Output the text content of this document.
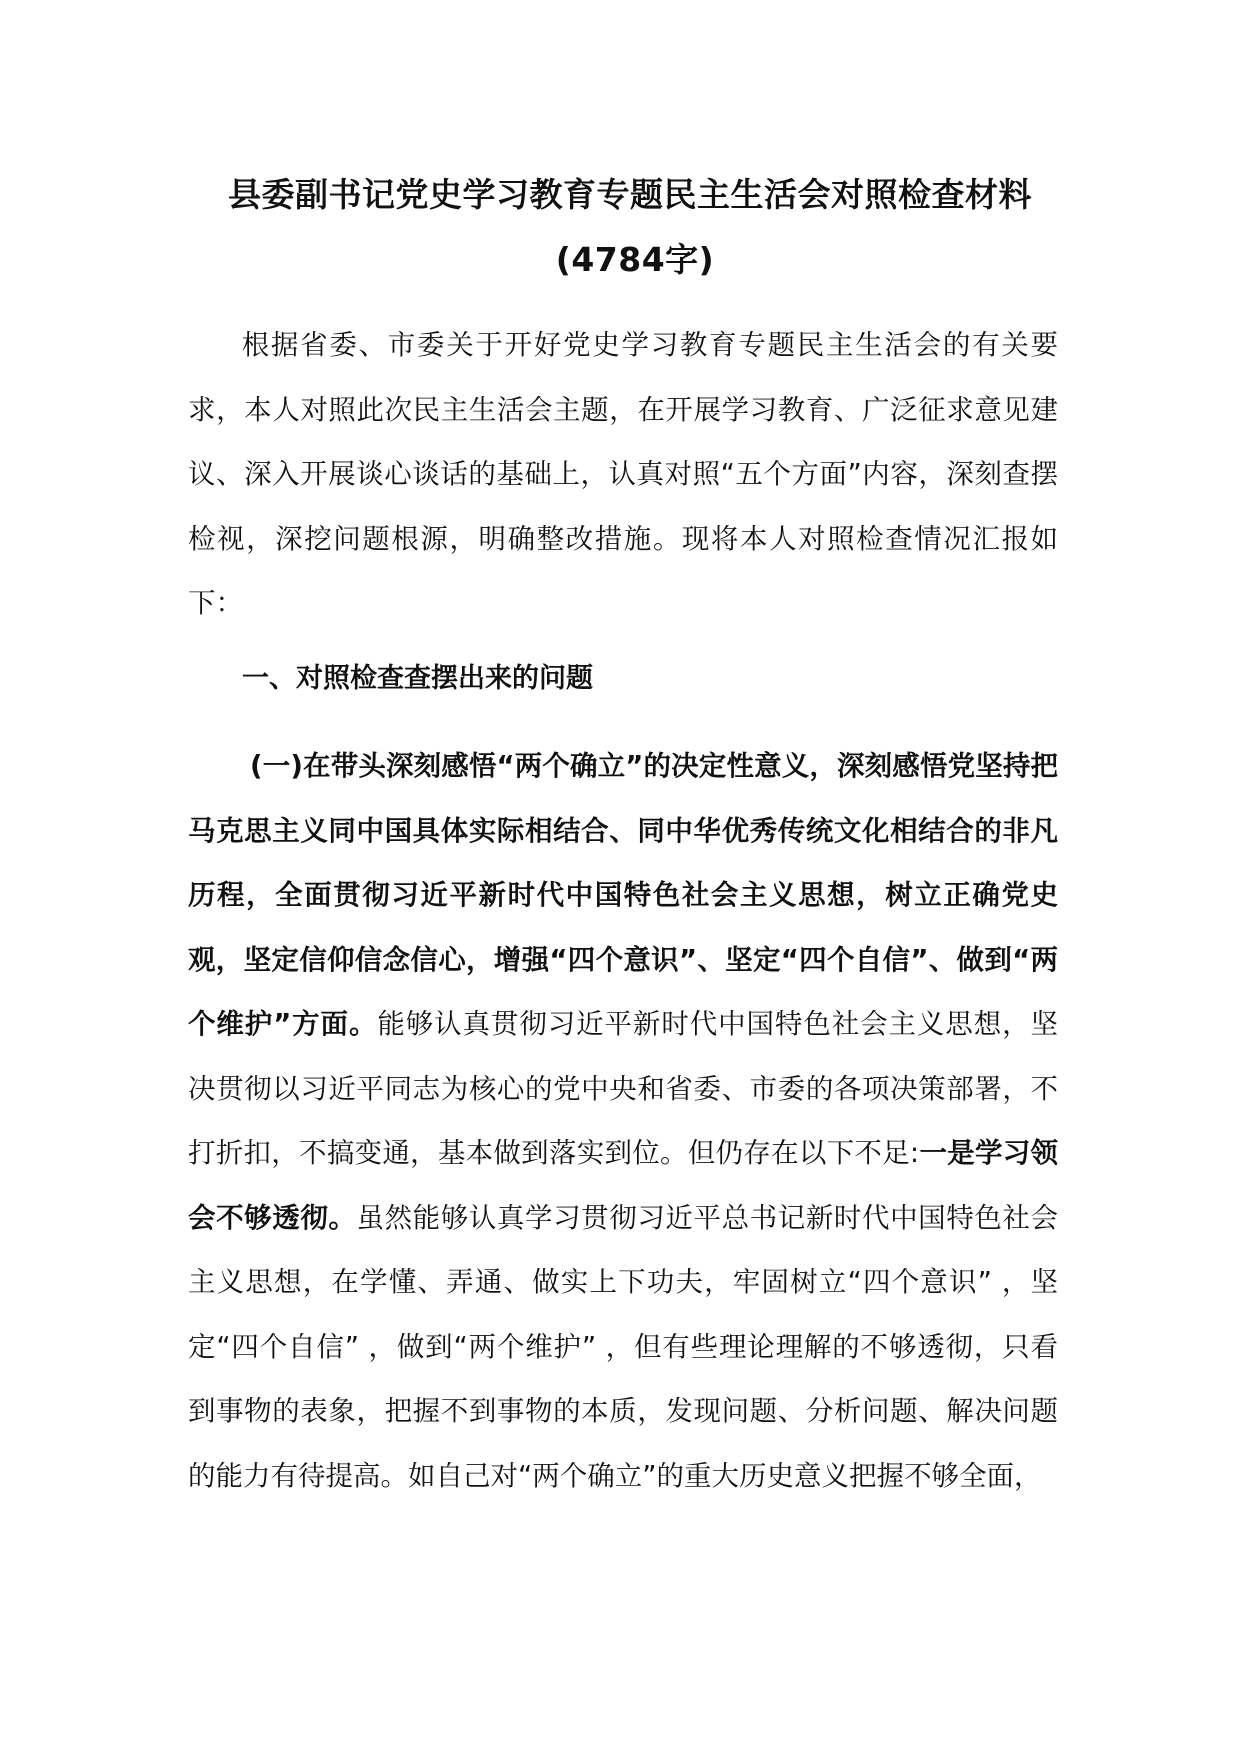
县委副书记党史学习教育专题民主生活会对照检查材料
(4784字)

根据省委、市委关于开好党史学习教育专题民主生活会的有关要求，本人对照此次民主生活会主题，在开展学习教育、广泛征求意见建议、深入开展谈心谈话的基础上，认真对照“五个方面”内容，深刻查摆检视，深挖问题根源，明确整改措施。现将本人对照检查情况汇报如下：

一、对照检查查摆出来的问题

(一)在带头深刻感悟“两个确立”的决定性意义，深刻感悟党坚持把马克思主义同中国具体实际相结合、同中华优秀传统文化相结合的非凡历程，全面贯彻习近平新时代中国特色社会主义思想，树立正确党史观，坚定信仰信念信心，增强“四个意识”、坚定“四个自信”、做到“两个维护”方面。能够认真贯彻习近平新时代中国特色社会主义思想，坚决贯彻以习近平同志为核心的党中央和省委、市委的各项决策部署，不打折扣，不搞变通，基本做到落实到位。但仍存在以下不足:一是学习领会不够透彻。虽然能够认真学习贯彻习近平总书记新时代中国特色社会主义思想，在学懂、弄通、做实上下功夫，牢固树立“四个意识” ，坚定“四个自信” ，做到“两个维护” ，但有些理论理解的不够透彻，只看到事物的表象，把握不到事物的本质，发现问题、分析问题、解决问题的能力有待提高。如自己对“两个确立”的重大历史意义把握不够全面，
